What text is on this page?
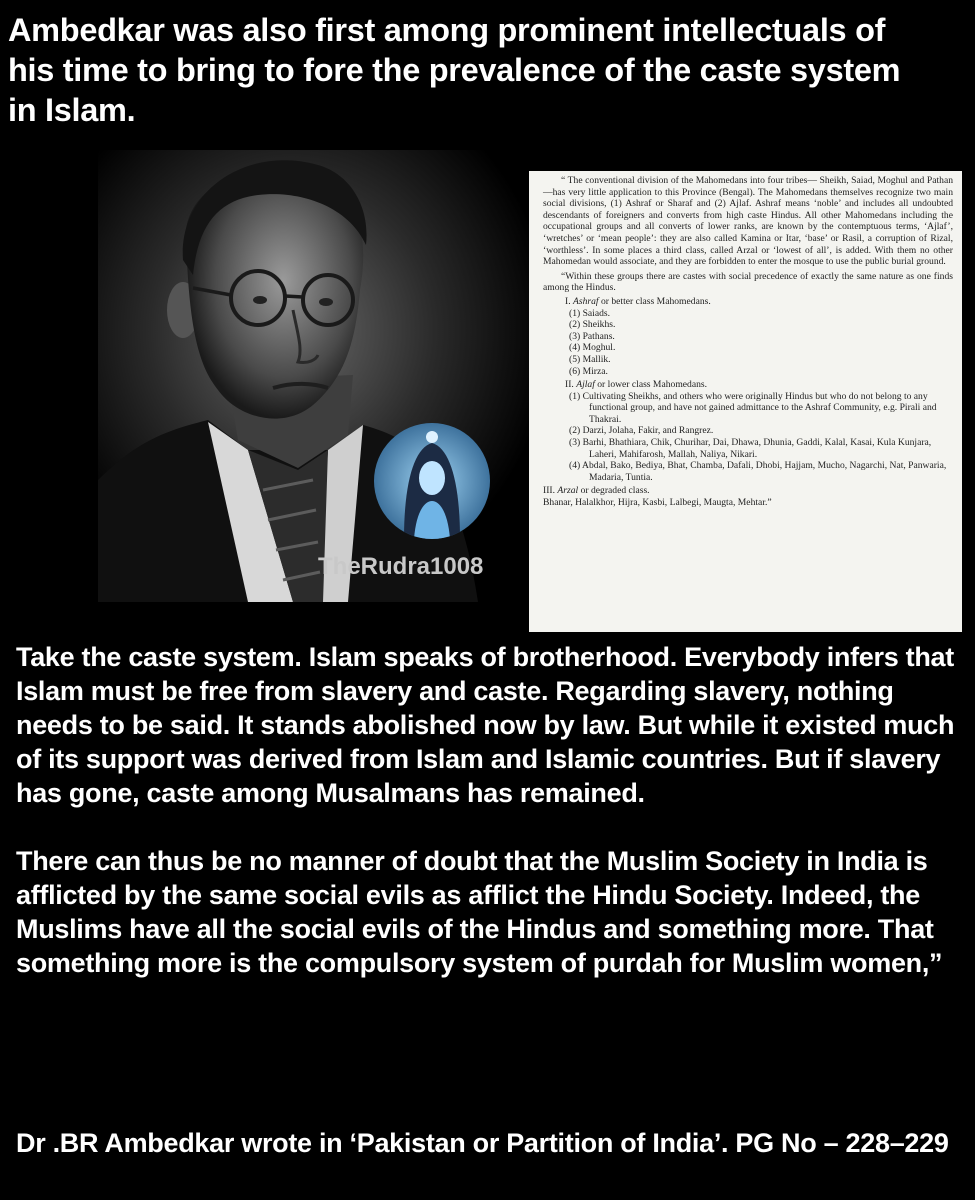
Ambedkar was also first among prominent intellectuals of
his time to bring to fore the prevalence of the caste system
in Islam.
TheRudra1008

“ The conventional division of the Mahomedans into four tribes— Sheikh, Saiad, Moghul and Pathan—has very little application to this Province (Bengal). The Mahomedans themselves recognize two main social divisions, (1) Ashraf or Sharaf and (2) Ajlaf. Ashraf means ‘noble’ and includes all undoubted descendants of foreigners and converts from high caste Hindus. All other Mahomedans including the occupational groups and all converts of lower ranks, are known by the contemptuous terms, ‘Ajlaf’, ‘wretches’ or ‘mean people’: they are also called Kamina or Itar, ‘base’ or Rasil, a corruption of Rizal, ‘worthless’. In some places a third class, called Arzal or ‘lowest of all’, is added. With them no other Mahomedan would associate, and they are forbidden to enter the mosque to use the public burial ground.

“Within these groups there are castes with social precedence of exactly the same nature as one finds among the Hindus.

I. Ashraf or better class Mahomedans.

(1) Saiads.
(2) Sheikhs.
(3) Pathans.
(4) Moghul.
(5) Mallik.
(6) Mirza.

II. Ajlaf or lower class Mahomedans.

(1) Cultivating Sheikhs, and others who were originally Hindus but who do not belong to any functional group, and have not gained admittance to the Ashraf Community, e.g. Pirali and Thakrai.
(2) Darzi, Jolaha, Fakir, and Rangrez.
(3) Barhi, Bhathiara, Chik, Churihar, Dai, Dhawa, Dhunia, Gaddi, Kalal, Kasai, Kula Kunjara, Laheri, Mahifarosh, Mallah, Naliya, Nikari.
(4) Abdal, Bako, Bediya, Bhat, Chamba, Dafali, Dhobi, Hajjam, Mucho, Nagarchi, Nat, Panwaria, Madaria, Tuntia.

III. Arzal or degraded class.

Bhanar, Halalkhor, Hijra, Kasbi, Lalbegi, Maugta, Mehtar.”

Take the caste system. Islam speaks of brotherhood. Everybody infers that Islam must be free from slavery and caste. Regarding slavery, nothing needs to be said. It stands abolished now by law. But while it existed much of its support was derived from Islam and Islamic countries. But if slavery has gone, caste among Musalmans has remained.

There can thus be no manner of doubt that the Muslim Society in India is afflicted by the same social evils as afflict the Hindu Society. Indeed, the Muslims have all the social evils of the Hindus and something more. That something more is the compulsory system of purdah for Muslim women,”

Dr .BR Ambedkar wrote in ‘Pakistan or Partition of India’. PG No – 228–229
